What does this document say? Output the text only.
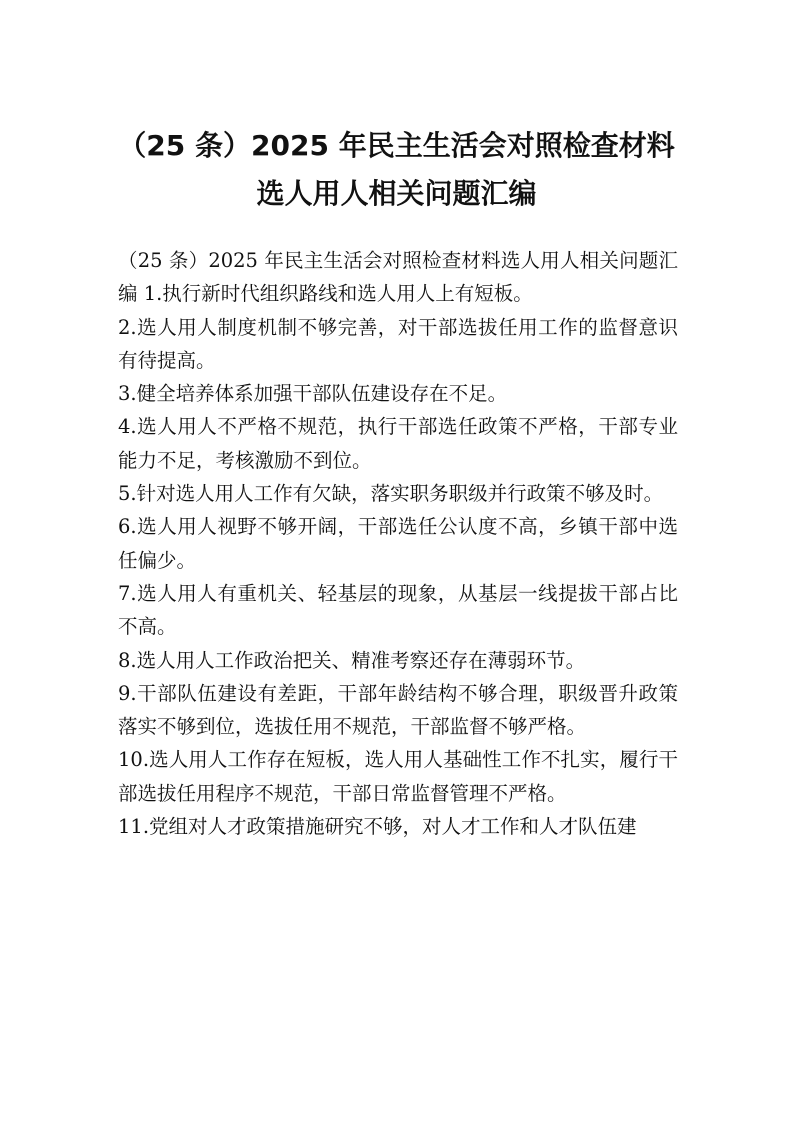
（25 条）2025 年民主生活会对照检查材料
选人用人相关问题汇编

（25 条）2025 年民主生活会对照检查材料选人用人相关问题汇编 1.执行新时代组织路线和选人用人上有短板。

2.选人用人制度机制不够完善，对干部选拔任用工作的监督意识有待提高。

3.健全培养体系加强干部队伍建设存在不足。

4.选人用人不严格不规范，执行干部选任政策不严格，干部专业能力不足，考核激励不到位。

5.针对选人用人工作有欠缺，落实职务职级并行政策不够及时。

6.选人用人视野不够开阔，干部选任公认度不高，乡镇干部中选任偏少。

7.选人用人有重机关、轻基层的现象，从基层一线提拔干部占比不高。

8.选人用人工作政治把关、精准考察还存在薄弱环节。

9.干部队伍建设有差距，干部年龄结构不够合理，职级晋升政策落实不够到位，选拔任用不规范，干部监督不够严格。

10.选人用人工作存在短板，选人用人基础性工作不扎实，履行干部选拔任用程序不规范，干部日常监督管理不严格。

11.党组对人才政策措施研究不够，对人才工作和人才队伍建
